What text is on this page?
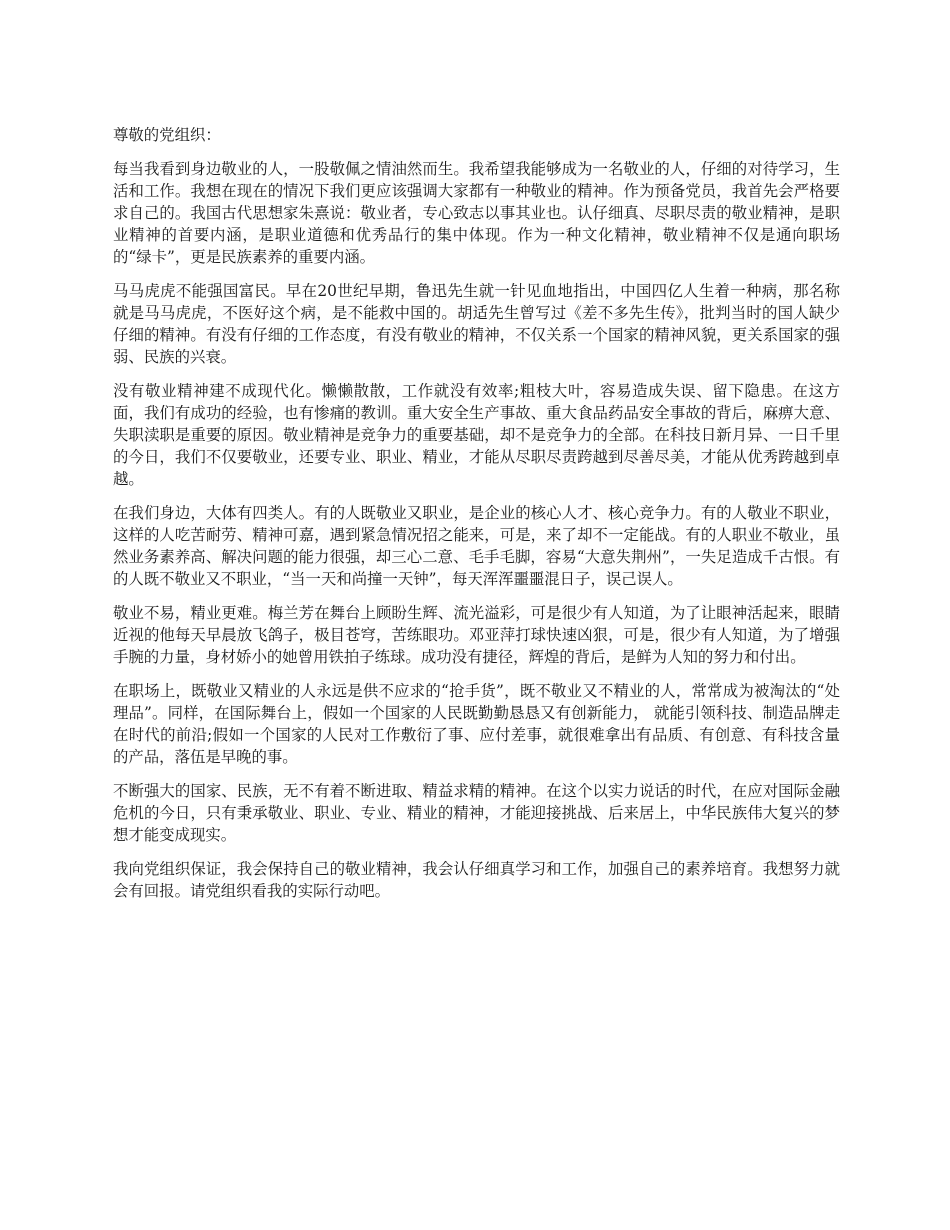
尊敬的党组织：

每当我看到身边敬业的人，一股敬佩之情油然而生。我希望我能够成为一名敬业的人，仔细的对待学习，生活和工作。我想在现在的情况下我们更应该强调大家都有一种敬业的精神。作为预备党员，我首先会严格要求自己的。我国古代思想家朱熹说：敬业者，专心致志以事其业也。认仔细真、尽职尽责的敬业精神，是职业精神的首要内涵，是职业道德和优秀品行的集中体现。作为一种文化精神，敬业精神不仅是通向职场的“绿卡”，更是民族素养的重要内涵。

马马虎虎不能强国富民。早在20世纪早期，鲁迅先生就一针见血地指出，中国四亿人生着一种病，那名称就是马马虎虎，不医好这个病，是不能救中国的。胡适先生曾写过《差不多先生传》，批判当时的国人缺少仔细的精神。有没有仔细的工作态度，有没有敬业的精神，不仅关系一个国家的精神风貌，更关系国家的强弱、民族的兴衰。

没有敬业精神建不成现代化。懒懒散散，工作就没有效率;粗枝大叶，容易造成失误、留下隐患。在这方面，我们有成功的经验，也有惨痛的教训。重大安全生产事故、重大食品药品安全事故的背后，麻痹大意、失职渎职是重要的原因。敬业精神是竞争力的重要基础，却不是竞争力的全部。在科技日新月异、一日千里的今日，我们不仅要敬业，还要专业、职业、精业，才能从尽职尽责跨越到尽善尽美，才能从优秀跨越到卓越。

在我们身边，大体有四类人。有的人既敬业又职业，是企业的核心人才、核心竞争力。有的人敬业不职业，这样的人吃苦耐劳、精神可嘉，遇到紧急情况招之能来，可是，来了却不一定能战。有的人职业不敬业，虽然业务素养高、解决问题的能力很强，却三心二意、毛手毛脚，容易“大意失荆州”，一失足造成千古恨。有的人既不敬业又不职业，“当一天和尚撞一天钟”，每天浑浑噩噩混日子，误己误人。

敬业不易，精业更难。梅兰芳在舞台上顾盼生辉、流光溢彩，可是很少有人知道，为了让眼神活起来，眼睛近视的他每天早晨放飞鸽子，极目苍穹，苦练眼功。邓亚萍打球快速凶狠，可是，很少有人知道，为了增强手腕的力量，身材娇小的她曾用铁拍子练球。成功没有捷径，辉煌的背后，是鲜为人知的努力和付出。

在职场上，既敬业又精业的人永远是供不应求的“抢手货”，既不敬业又不精业的人，常常成为被淘汰的“处理品”。同样，在国际舞台上，假如一个国家的人民既勤勤恳恳又有创新能力， 就能引领科技、制造品牌走在时代的前沿;假如一个国家的人民对工作敷衍了事、应付差事，就很难拿出有品质、有创意、有科技含量的产品，落伍是早晚的事。

不断强大的国家、民族，无不有着不断进取、精益求精的精神。在这个以实力说话的时代，在应对国际金融危机的今日，只有秉承敬业、职业、专业、精业的精神，才能迎接挑战、后来居上，中华民族伟大复兴的梦想才能变成现实。

我向党组织保证，我会保持自己的敬业精神，我会认仔细真学习和工作，加强自己的素养培育。我想努力就会有回报。请党组织看我的实际行动吧。
